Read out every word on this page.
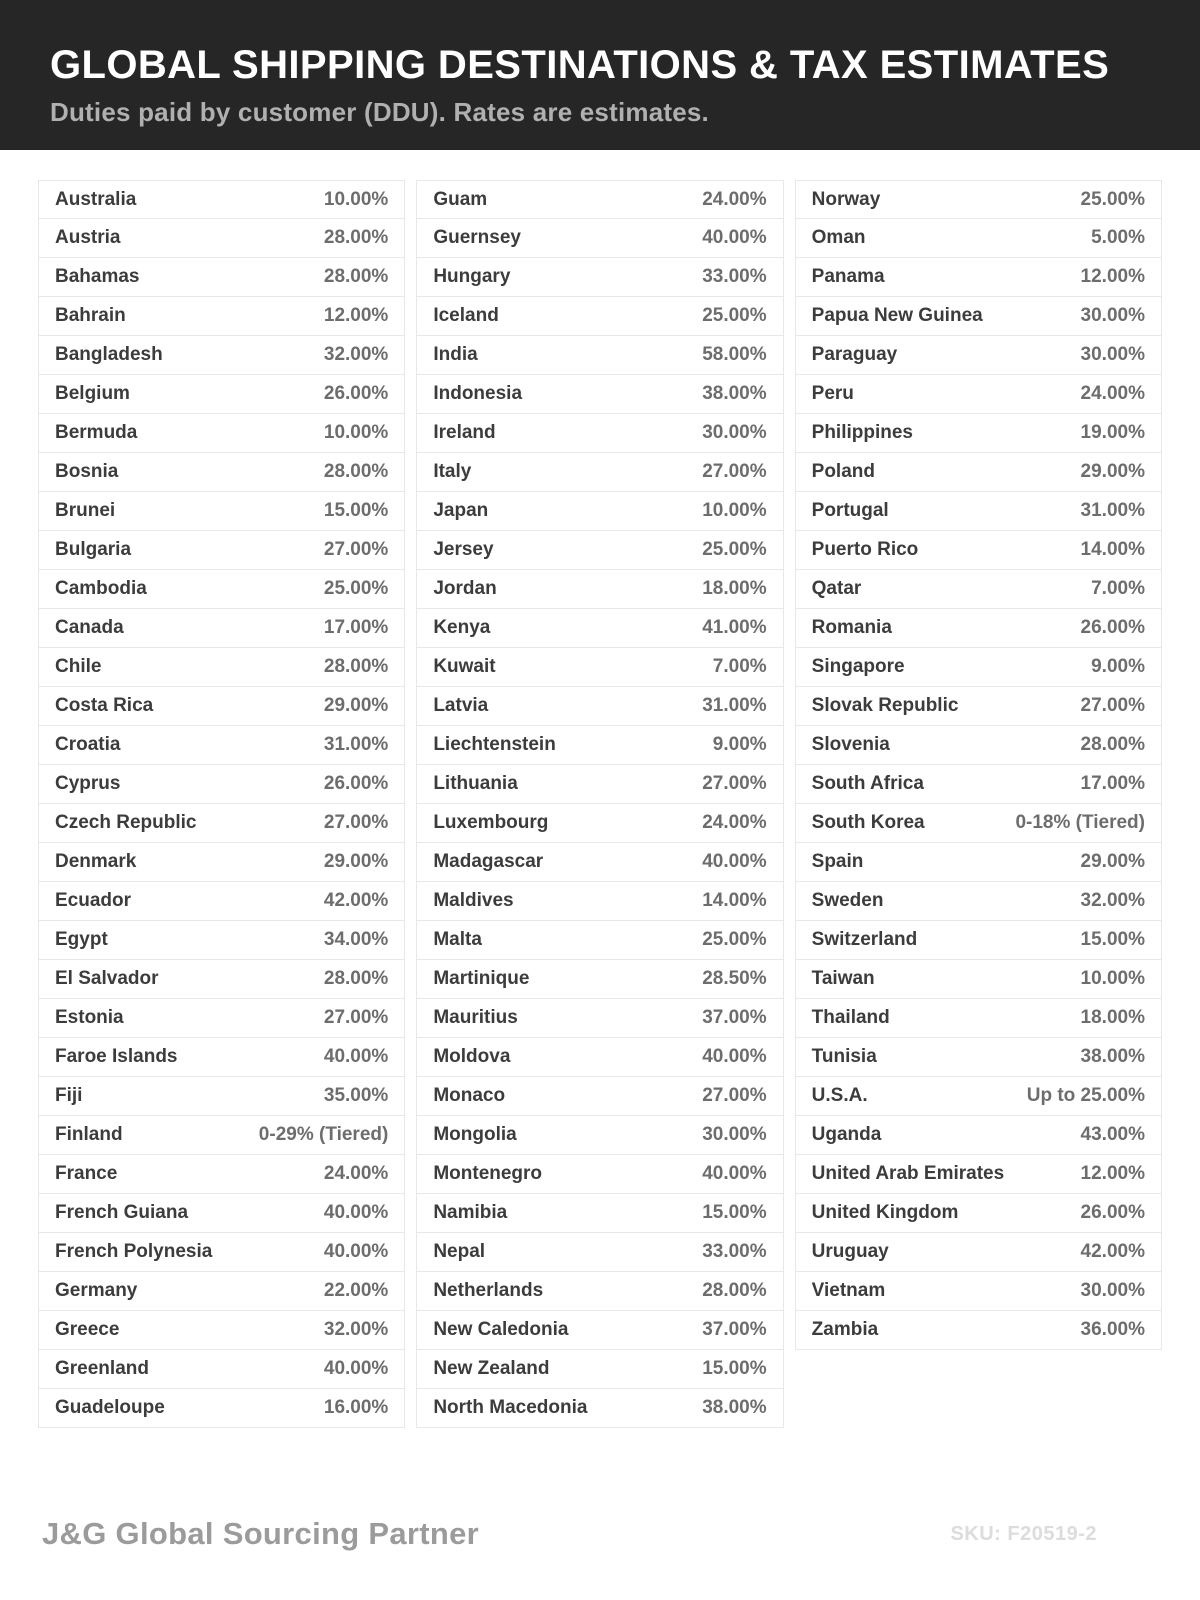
GLOBAL SHIPPING DESTINATIONS & TAX ESTIMATES
Duties paid by customer (DDU). Rates are estimates.
Australia	10.00%
Austria	28.00%
Bahamas	28.00%
Bahrain	12.00%
Bangladesh	32.00%
Belgium	26.00%
Bermuda	10.00%
Bosnia	28.00%
Brunei	15.00%
Bulgaria	27.00%
Cambodia	25.00%
Canada	17.00%
Chile	28.00%
Costa Rica	29.00%
Croatia	31.00%
Cyprus	26.00%
Czech Republic	27.00%
Denmark	29.00%
Ecuador	42.00%
Egypt	34.00%
El Salvador	28.00%
Estonia	27.00%
Faroe Islands	40.00%
Fiji	35.00%
Finland	0-29% (Tiered)
France	24.00%
French Guiana	40.00%
French Polynesia	40.00%
Germany	22.00%
Greece	32.00%
Greenland	40.00%
Guadeloupe	16.00%
Guam	24.00%
Guernsey	40.00%
Hungary	33.00%
Iceland	25.00%
India	58.00%
Indonesia	38.00%
Ireland	30.00%
Italy	27.00%
Japan	10.00%
Jersey	25.00%
Jordan	18.00%
Kenya	41.00%
Kuwait	7.00%
Latvia	31.00%
Liechtenstein	9.00%
Lithuania	27.00%
Luxembourg	24.00%
Madagascar	40.00%
Maldives	14.00%
Malta	25.00%
Martinique	28.50%
Mauritius	37.00%
Moldova	40.00%
Monaco	27.00%
Mongolia	30.00%
Montenegro	40.00%
Namibia	15.00%
Nepal	33.00%
Netherlands	28.00%
New Caledonia	37.00%
New Zealand	15.00%
North Macedonia	38.00%
Norway	25.00%
Oman	5.00%
Panama	12.00%
Papua New Guinea	30.00%
Paraguay	30.00%
Peru	24.00%
Philippines	19.00%
Poland	29.00%
Portugal	31.00%
Puerto Rico	14.00%
Qatar	7.00%
Romania	26.00%
Singapore	9.00%
Slovak Republic	27.00%
Slovenia	28.00%
South Africa	17.00%
South Korea	0-18% (Tiered)
Spain	29.00%
Sweden	32.00%
Switzerland	15.00%
Taiwan	10.00%
Thailand	18.00%
Tunisia	38.00%
U.S.A.	Up to 25.00%
Uganda	43.00%
United Arab Emirates	12.00%
United Kingdom	26.00%
Uruguay	42.00%
Vietnam	30.00%
Zambia	36.00%
J&G Global Sourcing Partner	SKU: F20519-2
